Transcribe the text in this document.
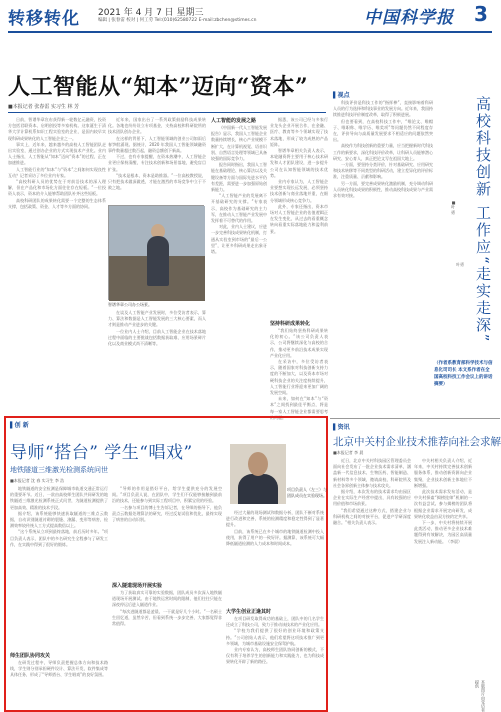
转移转化 2021 年 4 月 7 日 星期三
编辑 | 张春雷 校对 | 何工劳 Tel:(010)62580722 E-mail:zbchen@stimes.cn	中国科学报 3
人工智能从“知本”迈向“资本”
■本报记者 张春雷 实习生 林 芳

日前，智谱华章宣布获得新一轮数亿元融资，投资方包括君联资本、启明创投等多家机构。这家诞生于清华大学计算机系知识工程实验室的企业，是国内较早实现科研成果转化的人工智能企业之一。

事实上，近年来，越来越多的高校人工智能团队走出实验室，通过创办企业的方式实现技术产业化。业内人士指出，人工智能从“知本”迈向“资本”的过程，正在加速推进。

人工智能行业的“知本”与“资本”之间如何实现良性互动？记者采访了多位业内专家。

“高校科研人员的优势在于对前沿技术的深入理解，但在产品化和市场化方面往往存在短板。”一位投资人表示，资本的介入能够帮助团队补齐这些短板。

高校科研团队的成果转化需要一个完整的生态体系支撑，包括政策、资金、人才等多方面的协同。

近年来，国家出台了一系列政策鼓励科技成果转化。各地也纷纷设立专项基金，支持高校和科研院所的技术团队创办企业。

在这样的背景下，人工智能领域的创业公司如雨后春笋般涌现。据统计，2020 年我国人工智能领域融资事件数量超过数百起，融资总额创下新高。

不过，也有专家提醒，在资本热潮中，人工智能企业更应保持清醒，专注技术创新和场景落地，避免盲目扩张。

“技术是根本，资本是助推器。”一位高校教授说，只有把技术做深做透，才能在激烈的市场竞争中立于不败之地。

智谱华章公司办公场景。

在谈及人工智能产业发展时，多位受访者表示，算力、算法和数据是人工智能发展的三大核心要素，而人才则是推动产业进步的关键。

一位业内人士介绍，目前人工智能企业在技术落地过程中面临的主要挑战包括数据获取难、应用场景碎片化以及商业模式尚不清晰等。

人工智能的发展之路

《中国新一代人工智能发展报告》显示，我国人工智能企业数量持续增长，核心产业规模不断扩大，在计算机视觉、语音识别、自然语言处理等领域已具备较强的国际竞争力。

报告同时指出，我国人工智能在基础理论、核心算法以及关键设备等方面与国际先进水平仍有差距，需要进一步加强原始创新能力。

“人工智能产业的发展离不开基础研究的支撑。”专家表示，高校作为基础研究的主力军，在推动人工智能产业发展中发挥着不可替代的作用。

对此，业内人士建议，应进一步完善科技成果转化机制，打通从实验室到市场的“最后一公里”，让更多科研成果走出象牙塔。

据悉，该公司已经与多家行业龙头企业开展合作，在金融、医疗、教育等多个领域实现了技术落地，形成了较为成熟的产品矩阵。

智谱华章相关负责人表示，本轮融资将主要用于核心技术研发和人才团队建设，进一步提升公司在认知智能领域的技术优势。

业内专家认为，人工智能企业要想实现长远发展，必须坚持技术创新与商业落地并重，在细分领域形成核心竞争力。

此外，专家还指出，资本市场对人工智能企业的估值逻辑正在发生变化，从过去的看重概念转向看重实际落地能力和盈利前景。

坚持科研成果转化

“我们始终坚持科研成果转化的初心。”该公司负责人表示，公司将继续深化与高校的合作，推动更多前沿技术成果实现产业化应用。

在采访中，多位受访者表示，随着国家对科技创新支持力度的不断加大，以及资本市场对硬科技企业的关注度持续提升，人工智能行业将迎来更加广阔的发展空间。

未来，如何在“知本”与“资本”之间找到最佳平衡点，将是每一家人工智能企业都需要思考的问题。

▌视点

科技评价是科技工作的“指挥棒”，直接影响着科研人员的行为选择和科技事业的发展方向。近年来，我国持续推进科技评价制度改革，取得了积极进展。

但也要看到，在高校科技工作中，“唯论文、唯帽子、唯职称、唯学历、唯奖项”等问题仍然不同程度存在，评价导向与高质量发展要求不相适应的问题依然突出。

高校作为科技创新的重要力量，应当把握新时代科技工作的新要求，深化科技评价改革，让科研人员能够潜心研究、安心育人，真正把论文写在祖国大地上。

一方面，要坚持分类评价，针对基础研究、应用研究和技术转移等不同类型的科研活动，建立差异化的评价标准，注重质量、贡献和影响。

另一方面，要完善成果转化激励机制，充分调动科研人员转化科技成果的积极性，推动高校科技成果与产业需求有效对接。	高校科技创新 工作应“走实走深”
■叶 勇
叶勇
（作者系教育部科学技术与信息化司司长 本文系作者在全国高校科技工作会议上的讲话摘要）
▌创 新
导师“搭台” 学生“唱戏”
地铁隧道三维激光检测系统问世
■本报记者 沈 春 实习生 李 浩
项目负责人（左三）与团队成员在实验现场。

地铁隧道的安全检测是保障城市轨道交通正常运行的重要环节。近日，一款由高校师生团队共同研发的地铁隧道三维激光检测系统正式问世，为隧道检测提供了更加高效、精准的技术手段。

据介绍，该系统能够快速获取隧道的三维点云数据，自动识别隧道衬砌的裂缝、渗漏、变形等病害，检测效率较传统人工方式提高数倍以上。

“这个系统从立项到最终落地，前后历时多年。”项目负责人表示，团队中的多名研究生全程参与了研发工作，在实践中得到了很好的锻炼。

师生团队协同攻关

在研发过程中，导师负责把握总体方向和技术路线，学生则分别承担硬件设计、算法开发、软件集成等具体任务，形成了“导师搭台、学生唱戏”的良好氛围。

“导师的作用是搭好平台，给学生提供充分的发展空间。”项目负责人说，在团队中，学生们不仅能够接触到最前沿的技术，还能参与到实际工程项目中，积累宝贵的经验。

一名参与项目的博士生告诉记者，在导师的指导下，他负责点云数据处理算法的研究，经过反复试验和优化，最终实现了病害的自动识别。

深入隧道现场开展实验

为了获取真实可靠的实验数据，团队成员多次深入地铁隧道现场开展测试。由于地铁运营时间的限制，他们往往只能在深夜停运后进入隧道作业。

“每次进隧道都是凌晨，一干就是好几个小时。”一名硕士生回忆道，虽然辛苦，但看到系统一步步完善，大家都觉得非常值得。

经过大量的现场测试和数据分析，团队不断对系统进行改进和完善，系统的检测精度和稳定性得到了显著提升。

目前，该系统已在多个城市的地铁隧道检测中投入使用，获得了用户的一致好评。据测算，该系统可大幅降低隧道检测的人力成本和时间成本。

大学生创业正逢其时

在项目研发取得成功的基础上，团队中的几名学生还成立了科技公司，致力于推动该技术的产业化应用。

“学校为我们提供了很好的创业环境和政策支持。”公司创始人表示，他们希望将这项技术推广到更多领域，为城市基础设施安全保驾护航。

业内专家认为，高校师生团队协同创新的模式，不仅有利于培养学生的创新能力和实践能力，也为科技成果转化开辟了新的路径。

▌资讯
北京中关村企业技术推荐向社会求解
■本报记者 李 晨

近日，北京中关村科技园区管理委员会面向社会发布了一批企业技术需求清单，涵盖新一代信息技术、生物医药、智能制造、新材料等多个领域，邀请高校、科研院所及社会各界创新主体参与技术攻关。

据介绍，本次发布的技术需求均由园区企业在实际生产经营中提出，具有较强的应用价值和市场前景。

“我们希望通过这种方式，搭建企业与科研机构之间的对接平台，促进产学研深度融合。”相关负责人表示。

中关村相关负责人介绍，近年来，中关村持续完善技术创新服务体系，推动创新资源向企业集聚，企业技术创新主体地位不断增强。

此次技术需求发布活动，是中关村探索“揭榜挂帅”机制的一次有益尝试。参与揭榜的团队将根据企业需求开展定向研发，成果转化收益由双方按约定共享。

下一步，中关村将持续开展此类活动，推动更多企业技术难题得到有效解决，为园区高质量发展注入新动能。（李晨）

本版图片由受访者提供
